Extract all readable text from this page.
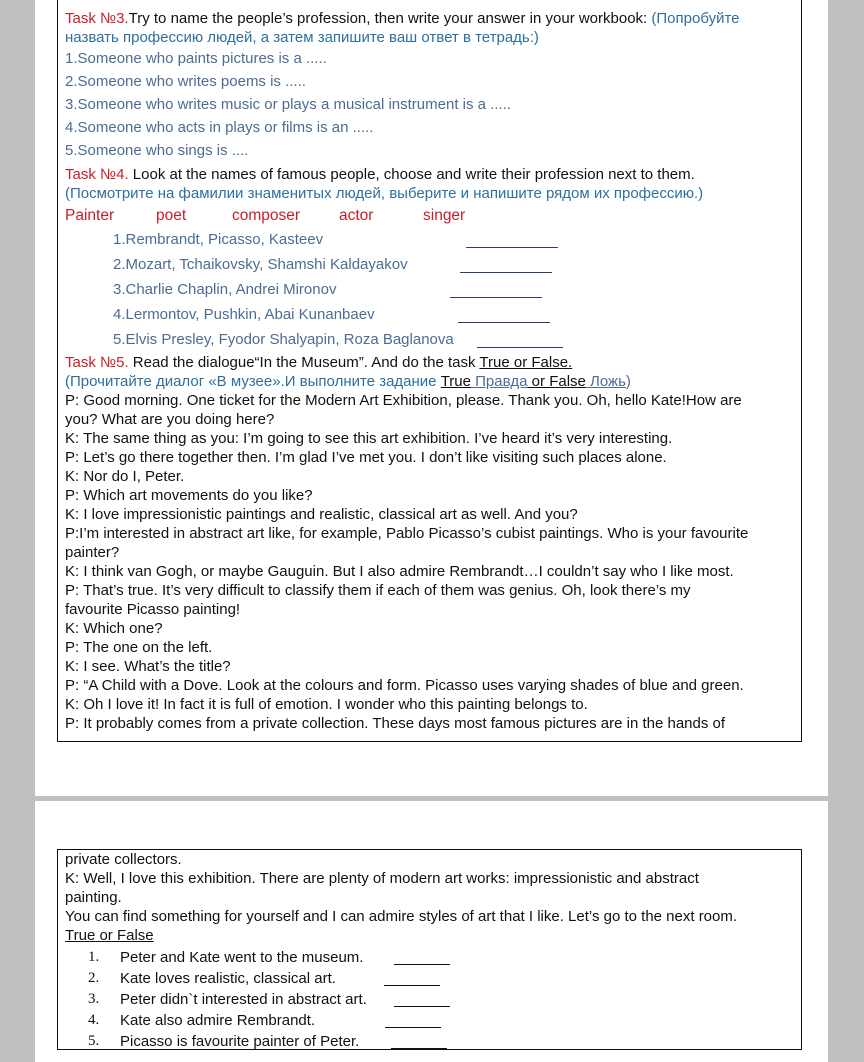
Task №3.Try to name the people’s profession, then write your answer in your workbook: (Попробуйте
назвать профессию людей, а затем запишите ваш ответ в тетрадь:)
1.Someone who paints pictures is a .....
2.Someone who writes poems is .....
3.Someone who writes music or plays a musical instrument is a .....
4.Someone who acts in plays or films is an .....
5.Someone who sings is ....
Task №4. Look at the names of famous people, choose and write their profession next to them.
(Посмотрите на фамилии знаменитых людей, выберите и напишите рядом их профессию.)
Painter	poet	composer	actor	singer
1.Rembrandt, Picasso, Kasteev
2.Mozart, Tchaikovsky, Shamshi Kaldayakov
3.Charlie Chaplin, Andrei Mironov
4.Lermontov, Pushkin, Abai Kunanbaev
5.Elvis Presley, Fyodor Shalyapin, Roza Baglanova
Task №5. Read the dialogue“In the Museum”. And do the task True or False.
(Прочитайте диалог «В музее».И выполните задание True Правда or False Ложь)
P: Good morning. One ticket for the Modern Art Exhibition, please. Thank you. Oh, hello Kate!How are
you? What are you doing here?
K: The same thing as you: I’m going to see this art exhibition. I’ve heard it’s very interesting.
P: Let’s go there together then. I’m glad I’ve met you. I don’t like visiting such places alone.
K: Nor do I, Peter.
P: Which art movements do you like?
K: I love impressionistic paintings and realistic, classical art as well. And you?
P:I’m interested in abstract art like, for example, Pablo Picasso’s cubist paintings. Who is your favourite
painter?
K: I think van Gogh, or maybe Gauguin. But I also admire Rembrandt…I couldn’t say who I like most.
P: That’s true. It’s very difficult to classify them if each of them was genius. Oh, look there’s my
favourite Picasso painting!
K: Which one?
P: The one on the left.
K: I see. What’s the title?
P: “A Child with a Dove. Look at the colours and form. Picasso uses varying shades of blue and green.
K: Oh I love it! In fact it is full of emotion. I wonder who this painting belongs to.
P: It probably comes from a private collection. These days most famous pictures are in the hands of
private collectors.
K: Well, I love this exhibition. There are plenty of modern art works: impressionistic and abstract
painting.
You can find something for yourself and I can admire styles of art that I like. Let’s go to the next room.
True or False
1. Peter and Kate went to the museum.
2. Kate loves realistic, classical art.
3. Peter didn`t interested in abstract art.
4. Kate also admire Rembrandt.
5. Picasso is favourite painter of Peter.
